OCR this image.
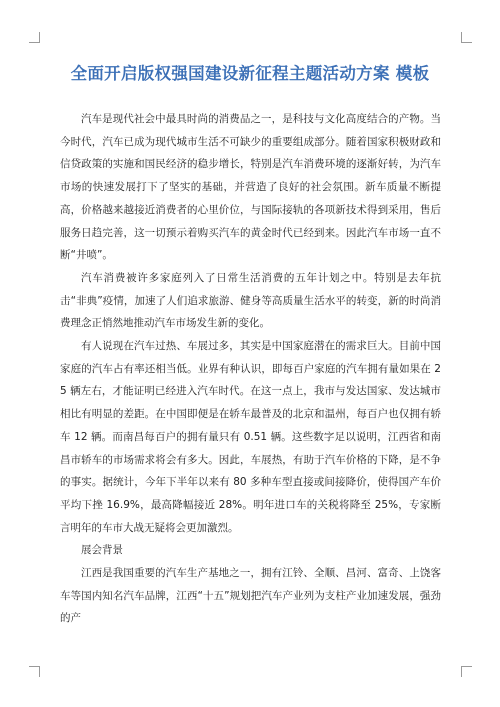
全面开启版权强国建设新征程主题活动方案 模板

汽车是现代社会中最具时尚的消费品之一，是科技与文化高度结合的产物。当今时代，汽车已成为现代城市生活不可缺少的重要组成部分。随着国家积极财政和信贷政策的实施和国民经济的稳步增长，特别是汽车消费环境的逐渐好转，为汽车市场的快速发展打下了坚实的基础，并营造了良好的社会氛围。新车质量不断提高，价格越来越接近消费者的心里价位，与国际接轨的各项新技术得到采用，售后服务日趋完善，这一切预示着购买汽车的黄金时代已经到来。因此汽车市场一直不断“井喷”。

汽车消费被许多家庭列入了日常生活消费的五年计划之中。特别是去年抗击“非典”疫情，加速了人们追求旅游、健身等高质量生活水平的转变，新的时尚消费理念正悄然地推动汽车市场发生新的变化。

有人说现在汽车过热、车展过多，其实是中国家庭潜在的需求巨大。目前中国家庭的汽车占有率还相当低。业界有种认识，即每百户家庭的汽车拥有量如果在 25 辆左右，才能证明已经进入汽车时代。在这一点上，我市与发达国家、发达城市相比有明显的差距。在中国即便是在轿车最普及的北京和温州，每百户也仅拥有轿车 12 辆。而南昌每百户的拥有量只有 0.51 辆。这些数字足以说明，江西省和南昌市轿车的市场需求将会有多大。因此，车展热，有助于汽车价格的下降，是不争的事实。据统计，今年下半年以来有 80 多种车型直接或间接降价，使得国产车价平均下挫 16.9%，最高降幅接近 28%。明年进口车的关税将降至 25%，专家断言明年的车市大战无疑将会更加激烈。

展会背景

江西是我国重要的汽车生产基地之一，拥有江铃、全顺、昌河、富奇、上饶客车等国内知名汽车品牌，江西“十五”规划把汽车产业列为支柱产业加速发展，强劲的产
